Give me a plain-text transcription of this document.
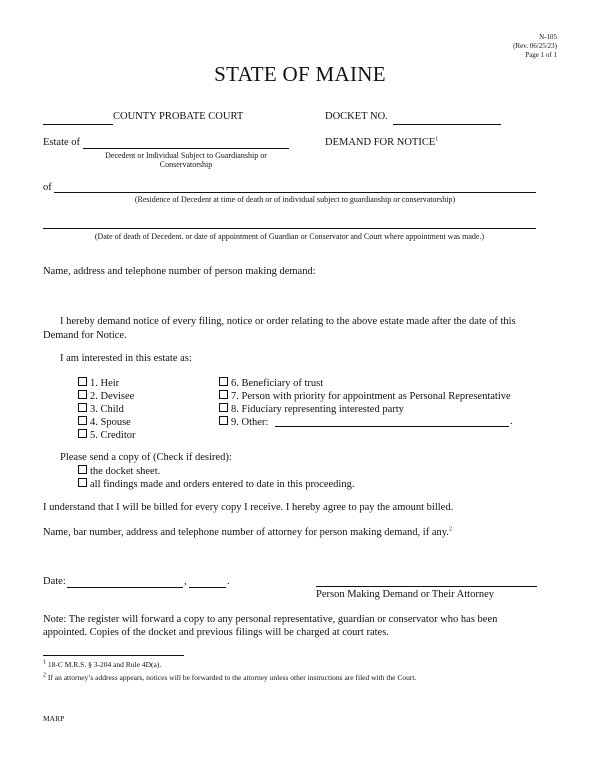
N-105
(Rev. 06/25/23)
Page 1 of 1
STATE OF MAINE
COUNTY PROBATE COURT	DOCKET NO.
Estate of
Decedent or Individual Subject to Guardianship or
Conservatorship
DEMAND FOR NOTICE$^1$
of
(Residence of Decedent at time of death or of individual subject to guardianship or conservatorship)
(Date of death of Decedent. or date of appointment of Guardian or Conservator and Court where appointment was made.)
Name, address and telephone number of person making demand:
I hereby demand notice of every filing, notice or order relating to the above estate made after the date of this
Demand for Notice.
I am interested in this estate as:
1. Heir
2. Devisee
3. Child
4. Spouse
5. Creditor
6. Beneficiary of trust
7. Person with priority for appointment as Personal Representative
8. Fiduciary representing interested party
9. Other:	.
Please send a copy of (Check if desired):
the docket sheet.
all findings made and orders entered to date in this proceeding.
I understand that I will be billed for every copy I receive. I hereby agree to pay the amount billed.
Name, bar number, address and telephone number of attorney for person making demand, if any.$^2$
Date:	,	.
Person Making Demand or Their Attorney
Note: The register will forward a copy to any personal representative, guardian or conservator who has been
appointed. Copies of the docket and previous filings will be charged at court rates.
$^1$ 18-C M.R.S. § 3-204 and Rule 4D(a).
$^2$ If an attorney’s address appears, notices will be forwarded to the attorney unless other instructions are filed with the Court.
MARP
